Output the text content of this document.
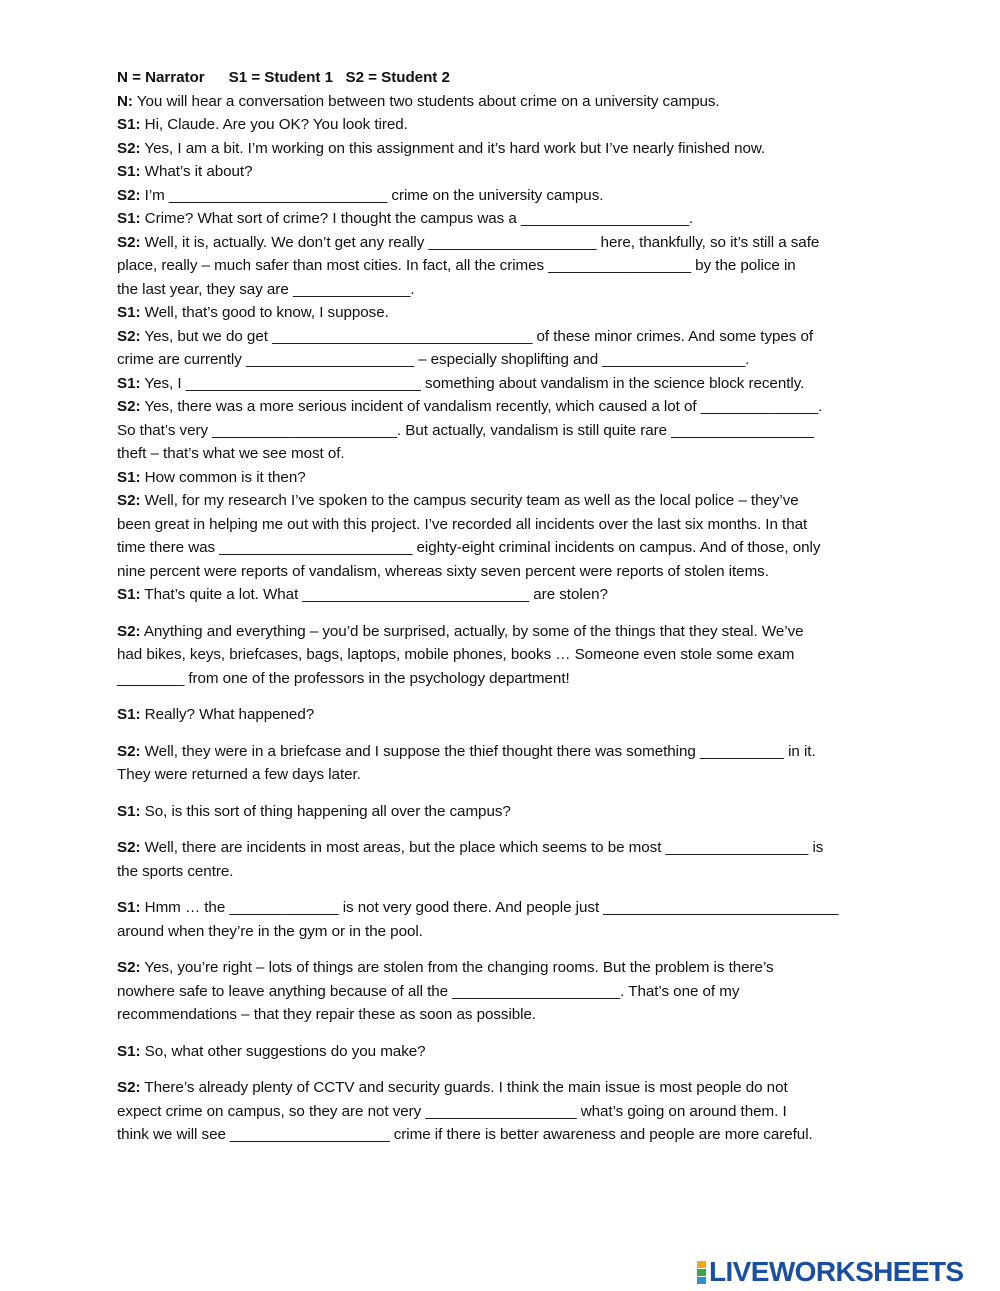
N = Narrator S1 = Student 1 S2 = Student 2
N: You will hear a conversation between two students about crime on a university campus.
S1: Hi, Claude. Are you OK? You look tired.
S2: Yes, I am a bit. I’m working on this assignment and it’s hard work but I’ve nearly finished now.
S1: What’s it about?
S2: I’m __________________________ crime on the university campus.
S1: Crime? What sort of crime? I thought the campus was a ____________________.
S2: Well, it is, actually. We don’t get any really ____________________ here, thankfully, so it’s still a safe
place, really – much safer than most cities. In fact, all the crimes _________________ by the police in
the last year, they say are ______________.
S1: Well, that’s good to know, I suppose.
S2: Yes, but we do get _______________________________ of these minor crimes. And some types of
crime are currently ____________________ – especially shoplifting and _________________.
S1: Yes, I ____________________________ something about vandalism in the science block recently.
S2: Yes, there was a more serious incident of vandalism recently, which caused a lot of ______________.
So that’s very ______________________. But actually, vandalism is still quite rare _________________
theft – that’s what we see most of.
S1: How common is it then?
S2: Well, for my research I’ve spoken to the campus security team as well as the local police – they’ve
been great in helping me out with this project. I’ve recorded all incidents over the last six months. In that
time there was _______________________ eighty-eight criminal incidents on campus. And of those, only
nine percent were reports of vandalism, whereas sixty seven percent were reports of stolen items.
S1: That’s quite a lot. What ___________________________ are stolen?
S2: Anything and everything – you’d be surprised, actually, by some of the things that they steal. We’ve
had bikes, keys, briefcases, bags, laptops, mobile phones, books … Someone even stole some exam
________ from one of the professors in the psychology department!
S1: Really? What happened?
S2: Well, they were in a briefcase and I suppose the thief thought there was something __________ in it.
They were returned a few days later.
S1: So, is this sort of thing happening all over the campus?
S2: Well, there are incidents in most areas, but the place which seems to be most _________________ is
the sports centre.
S1: Hmm … the _____________ is not very good there. And people just ____________________________
around when they’re in the gym or in the pool.
S2: Yes, you’re right – lots of things are stolen from the changing rooms. But the problem is there’s
nowhere safe to leave anything because of all the ____________________. That’s one of my
recommendations – that they repair these as soon as possible.
S1: So, what other suggestions do you make?
S2: There’s already plenty of CCTV and security guards. I think the main issue is most people do not
expect crime on campus, so they are not very __________________ what’s going on around them. I
think we will see ___________________ crime if there is better awareness and people are more careful.
LIVEWORKSHEETS
